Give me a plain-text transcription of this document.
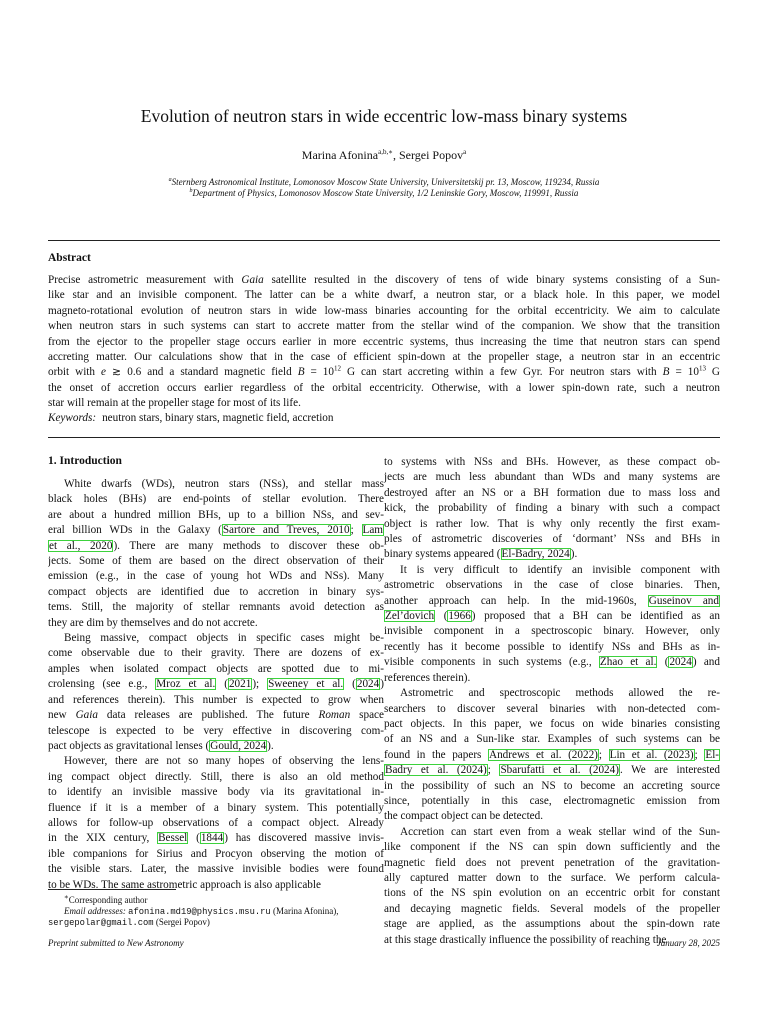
Evolution of neutron stars in wide eccentric low-mass binary systems
Marina Afonina$^{a,b,∗}$, Sergei Popov$^a$
$^a$Sternberg Astronomical Institute, Lomonosov Moscow State University, Universitetskij pr. 13, Moscow, 119234, Russia
$^b$Department of Physics, Lomonosov Moscow State University, 1/2 Leninskie Gory, Moscow, 119991, Russia
Abstract
Precise astrometric measurement with Gaia satellite resulted in the discovery of tens of wide binary systems consisting of a Sun-
like star and an invisible component. The latter can be a white dwarf, a neutron star, or a black hole. In this paper, we model
magneto-rotational evolution of neutron stars in wide low-mass binaries accounting for the orbital eccentricity. We aim to calculate
when neutron stars in such systems can start to accrete matter from the stellar wind of the companion. We show that the transition
from the ejector to the propeller stage occurs earlier in more eccentric systems, thus increasing the time that neutron stars can spend
accreting matter. Our calculations show that in the case of efficient spin-down at the propeller stage, a neutron star in an eccentric
orbit with e ≳ 0.6 and a standard magnetic field $B = 10^{12}$ G can start accreting within a few Gyr. For neutron stars with $B = 10^{13}$ G
the onset of accretion occurs earlier regardless of the orbital eccentricity. Otherwise, with a lower spin-down rate, such a neutron
star will remain at the propeller stage for most of its life.
Keywords: neutron stars, binary stars, magnetic field, accretion
1. Introduction
White dwarfs (WDs), neutron stars (NSs), and stellar mass
black holes (BHs) are end-points of stellar evolution. There
are about a hundred million BHs, up to a billion NSs, and sev-
eral billion WDs in the Galaxy (Sartore and Treves, 2010; Lam
et al., 2020). There are many methods to discover these ob-
jects. Some of them are based on the direct observation of their
emission (e.g., in the case of young hot WDs and NSs). Many
compact objects are identified due to accretion in binary sys-
tems. Still, the majority of stellar remnants avoid detection as
they are dim by themselves and do not accrete.
Being massive, compact objects in specific cases might be-
come observable due to their gravity. There are dozens of ex-
amples when isolated compact objects are spotted due to mi-
crolensing (see e.g., Mroz et al. (2021); Sweeney et al. (2024)
and references therein). This number is expected to grow when
new Gaia data releases are published. The future Roman space
telescope is expected to be very effective in discovering com-
pact objects as gravitational lenses (Gould, 2024).
However, there are not so many hopes of observing the lens-
ing compact object directly. Still, there is also an old method
to identify an invisible massive body via its gravitational in-
fluence if it is a member of a binary system. This potentially
allows for follow-up observations of a compact object. Already
in the XIX century, Bessel (1844) has discovered massive invis-
ible companions for Sirius and Procyon observing the motion of
the visible stars. Later, the massive invisible bodies were found
to be WDs. The same astrometric approach is also applicable
to systems with NSs and BHs. However, as these compact ob-
jects are much less abundant than WDs and many systems are
destroyed after an NS or a BH formation due to mass loss and
kick, the probability of finding a binary with such a compact
object is rather low. That is why only recently the first exam-
ples of astrometric discoveries of ‘dormant’ NSs and BHs in
binary systems appeared (El-Badry, 2024).
It is very difficult to identify an invisible component with
astrometric observations in the case of close binaries. Then,
another approach can help. In the mid-1960s, Guseinov and
Zel’dovich (1966) proposed that a BH can be identified as an
invisible component in a spectroscopic binary. However, only
recently has it become possible to identify NSs and BHs as in-
visible components in such systems (e.g., Zhao et al. (2024) and
references therein).
Astrometric and spectroscopic methods allowed the re-
searchers to discover several binaries with non-detected com-
pact objects. In this paper, we focus on wide binaries consisting
of an NS and a Sun-like star. Examples of such systems can be
found in the papers Andrews et al. (2022); Lin et al. (2023); El-
Badry et al. (2024); Sbarufatti et al. (2024). We are interested
in the possibility of such an NS to become an accreting source
since, potentially in this case, electromagnetic emission from
the compact object can be detected.
Accretion can start even from a weak stellar wind of the Sun-
like component if the NS can spin down sufficiently and the
magnetic field does not prevent penetration of the gravitation-
ally captured matter down to the surface. We perform calcula-
tions of the NS spin evolution on an eccentric orbit for constant
and decaying magnetic fields. Several models of the propeller
stage are applied, as the assumptions about the spin-down rate
at this stage drastically influence the possibility of reaching the
∗Corresponding author
Email addresses: afonina.md19@physics.msu.ru (Marina Afonina),
sergepolar@gmail.com (Sergei Popov)
Preprint submitted to New Astronomy	January 28, 2025
